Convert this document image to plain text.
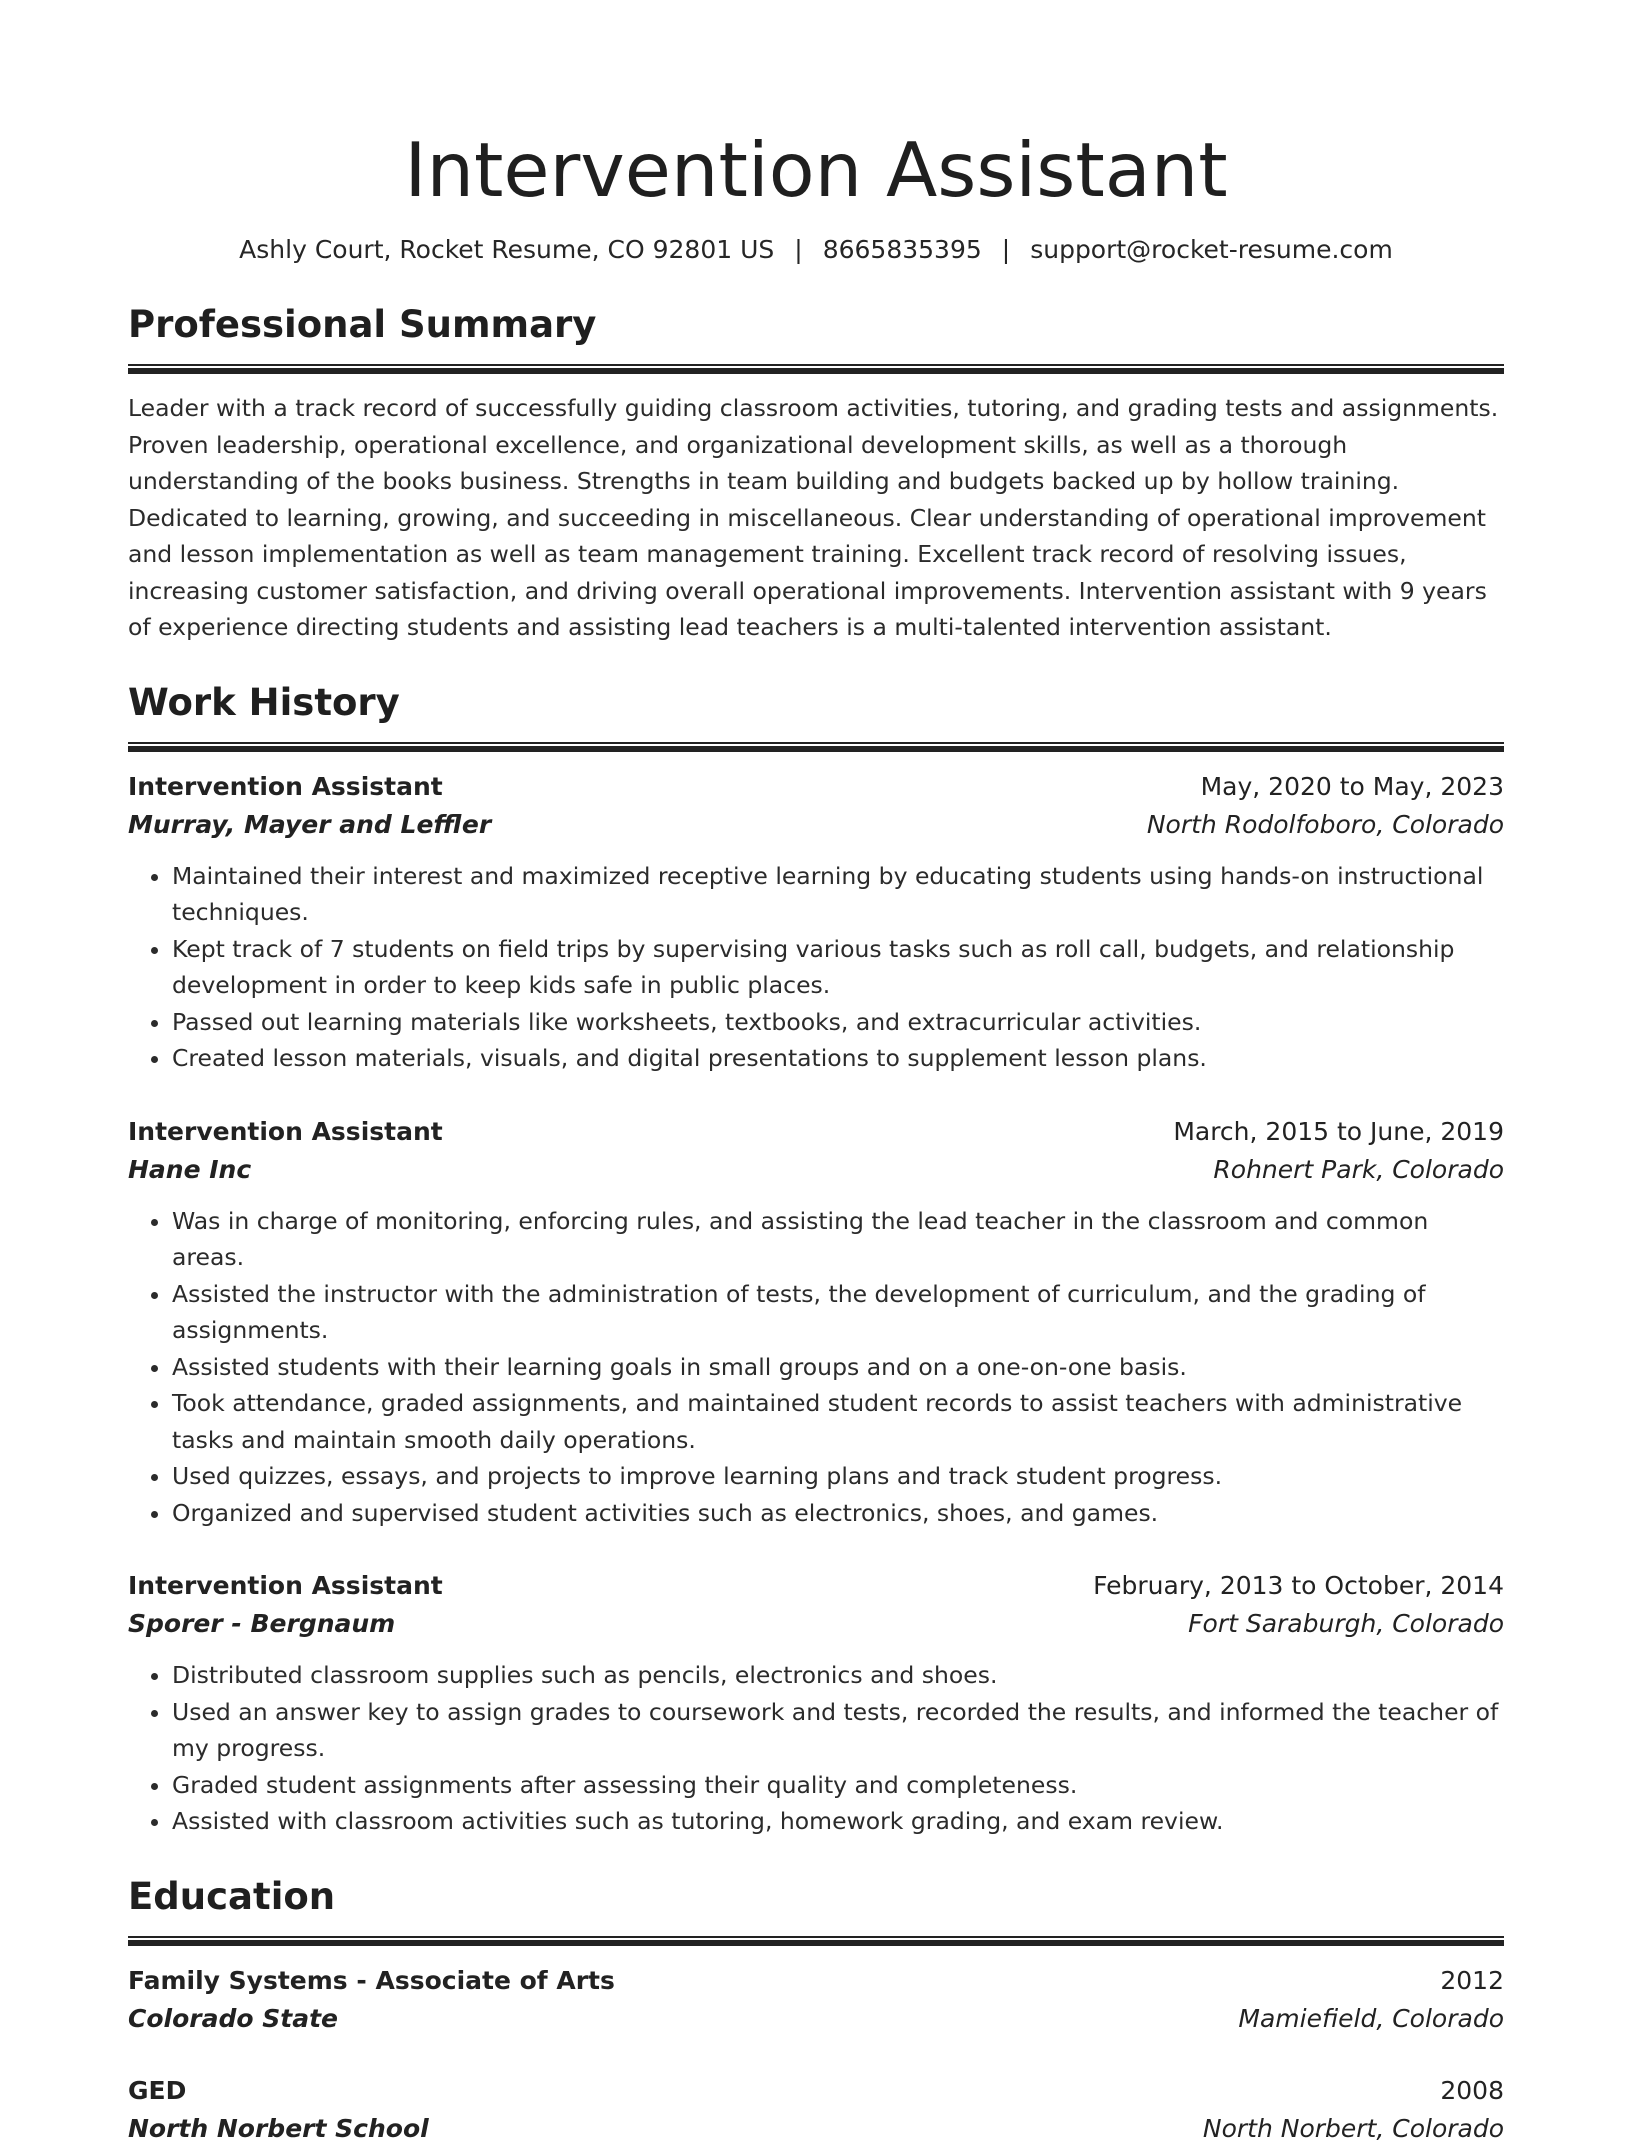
Intervention Assistant
Ashly Court, Rocket Resume, CO 92801 US | 8665835395 | support@rocket-resume.com
Professional Summary

Leader with a track record of successfully guiding classroom activities, tutoring, and grading tests and assignments. Proven leadership, operational excellence, and organizational development skills, as well as a thorough understanding of the books business. Strengths in team building and budgets backed up by hollow training. Dedicated to learning, growing, and succeeding in miscellaneous. Clear understanding of operational improvement and lesson implementation as well as team management training. Excellent track record of resolving issues, increasing customer satisfaction, and driving overall operational improvements. Intervention assistant with 9 years of experience directing students and assisting lead teachers is a multi-talented intervention assistant.

Work History
Intervention Assistant	May, 2020 to May, 2023
Murray, Mayer and Leffler	North Rodolfoboro, Colorado
• Maintained their interest and maximized receptive learning by educating students using hands-on instructional techniques.
• Kept track of 7 students on field trips by supervising various tasks such as roll call, budgets, and relationship development in order to keep kids safe in public places.
• Passed out learning materials like worksheets, textbooks, and extracurricular activities.
• Created lesson materials, visuals, and digital presentations to supplement lesson plans.
Intervention Assistant	March, 2015 to June, 2019
Hane Inc	Rohnert Park, Colorado
• Was in charge of monitoring, enforcing rules, and assisting the lead teacher in the classroom and common areas.
• Assisted the instructor with the administration of tests, the development of curriculum, and the grading of assignments.
• Assisted students with their learning goals in small groups and on a one-on-one basis.
• Took attendance, graded assignments, and maintained student records to assist teachers with administrative tasks and maintain smooth daily operations.
• Used quizzes, essays, and projects to improve learning plans and track student progress.
• Organized and supervised student activities such as electronics, shoes, and games.
Intervention Assistant	February, 2013 to October, 2014
Sporer - Bergnaum	Fort Saraburgh, Colorado
• Distributed classroom supplies such as pencils, electronics and shoes.
• Used an answer key to assign grades to coursework and tests, recorded the results, and informed the teacher of my progress.
• Graded student assignments after assessing their quality and completeness.
• Assisted with classroom activities such as tutoring, homework grading, and exam review.
Education
Family Systems - Associate of Arts	2012
Colorado State	Mamiefield, Colorado
GED	2008
North Norbert School	North Norbert, Colorado
